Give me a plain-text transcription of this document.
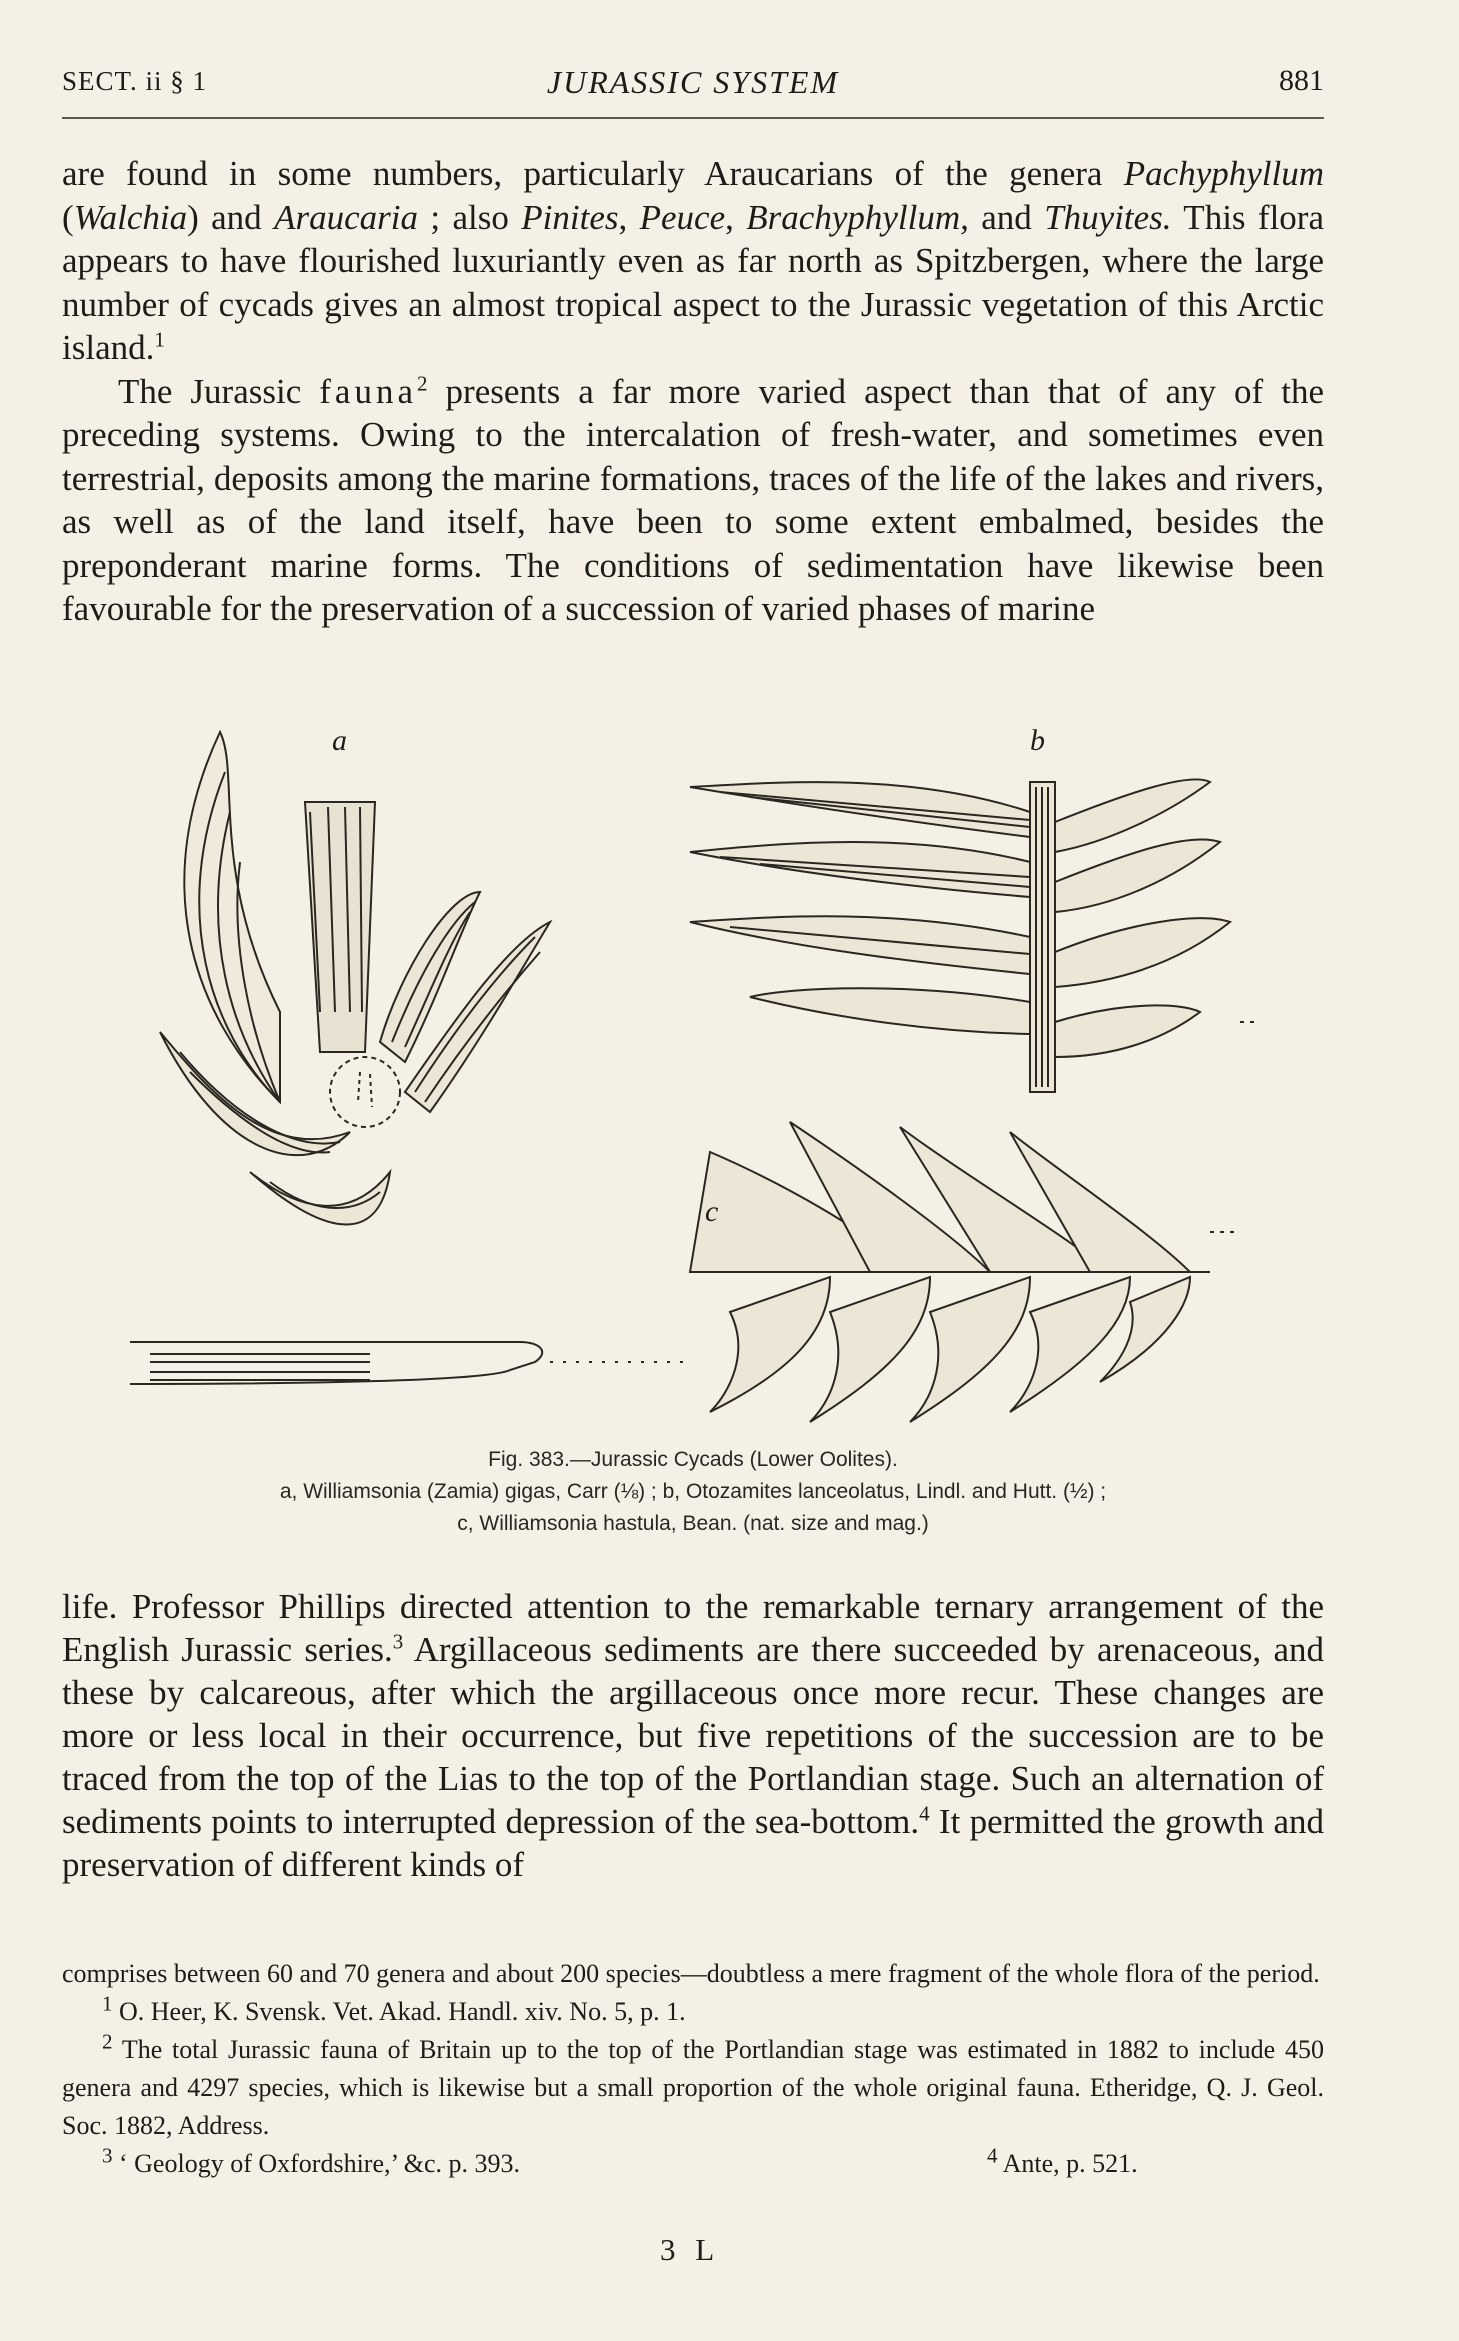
SECT. ii § 1	JURASSIC SYSTEM	881

are found in some numbers, particularly Araucarians of the genera Pachyphyllum (Walchia) and Araucaria ; also Pinites, Peuce, Brachyphyllum, and Thuyites. This flora appears to have flourished luxuriantly even as far north as Spitzbergen, where the large number of cycads gives an almost tropical aspect to the Jurassic vegetation of this Arctic island.$^1$

The Jurassic fauna$^2$ presents a far more varied aspect than that of any of the preceding systems. Owing to the intercalation of fresh-water, and sometimes even terrestrial, deposits among the marine formations, traces of the life of the lakes and rivers, as well as of the land itself, have been to some extent embalmed, besides the preponderant marine forms. The conditions of sedimentation have likewise been favourable for the preservation of a succession of varied phases of marine

a	b
c
Fig. 383.—Jurassic Cycads (Lower Oolites).
a, Williamsonia (Zamia) gigas, Carr (⅛) ; b, Otozamites lanceolatus, Lindl. and Hutt. (½) ;
c, Williamsonia hastula, Bean. (nat. size and mag.)

life. Professor Phillips directed attention to the remarkable ternary arrangement of the English Jurassic series.$^3$ Argillaceous sediments are there succeeded by arenaceous, and these by calcareous, after which the argillaceous once more recur. These changes are more or less local in their occurrence, but five repetitions of the succession are to be traced from the top of the Lias to the top of the Portlandian stage. Such an alternation of sediments points to interrupted depression of the sea-bottom.$^4$ It permitted the growth and preservation of different kinds of

comprises between 60 and 70 genera and about 200 species—doubtless a mere fragment of the whole flora of the period.

$^1$ O. Heer, K. Svensk. Vet. Akad. Handl. xiv. No. 5, p. 1.

$^2$ The total Jurassic fauna of Britain up to the top of the Portlandian stage was estimated in 1882 to include 450 genera and 4297 species, which is likewise but a small proportion of the whole original fauna. Etheridge, Q. J. Geol. Soc. 1882, Address.

$^3$ ‘ Geology of Oxfordshire,’ &c. p. 393.	$^4$ Ante, p. 521.

3 L
